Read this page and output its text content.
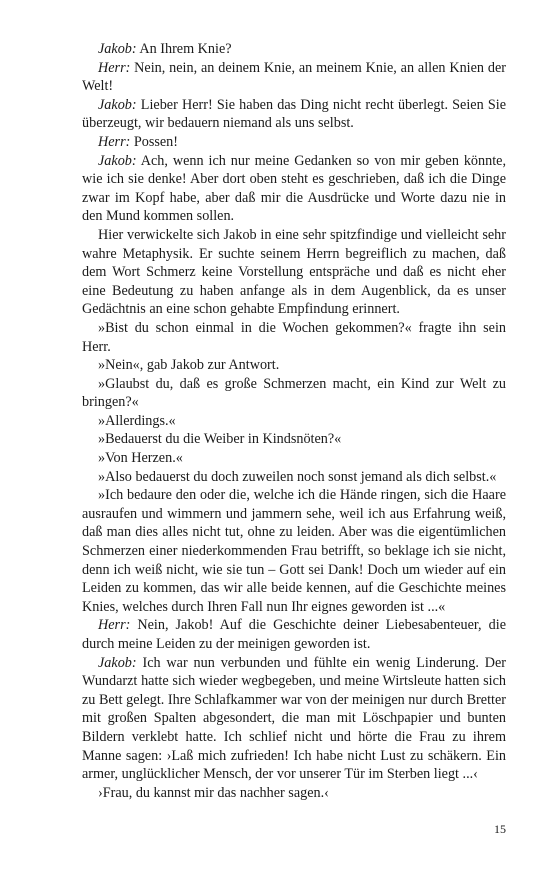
Jakob: An Ihrem Knie?

Herr: Nein, nein, an deinem Knie, an meinem Knie, an allen Knien der Welt!

Jakob: Lieber Herr! Sie haben das Ding nicht recht überlegt. Seien Sie überzeugt, wir bedauern niemand als uns selbst.

Herr: Possen!

Jakob: Ach, wenn ich nur meine Gedanken so von mir geben könnte, wie ich sie denke! Aber dort oben steht es geschrieben, daß ich die Dinge zwar im Kopf habe, aber daß mir die Ausdrücke und Worte dazu nie in den Mund kommen sollen.

Hier verwickelte sich Jakob in eine sehr spitzfindige und vielleicht sehr wahre Metaphysik. Er suchte seinem Herrn begreiflich zu machen, daß dem Wort Schmerz keine Vorstellung entspräche und daß es nicht eher eine Bedeutung zu haben anfange als in dem Augenblick, da es unser Gedächtnis an eine schon gehabte Empfindung erinnert.

»Bist du schon einmal in die Wochen gekommen?« fragte ihn sein Herr.

»Nein«, gab Jakob zur Antwort.

»Glaubst du, daß es große Schmerzen macht, ein Kind zur Welt zu bringen?«

»Allerdings.«

»Bedauerst du die Weiber in Kindsnöten?«

»Von Herzen.«

»Also bedauerst du doch zuweilen noch sonst jemand als dich selbst.«

»Ich bedaure den oder die, welche ich die Hände ringen, sich die Haare ausraufen und wimmern und jammern sehe, weil ich aus Erfahrung weiß, daß man dies alles nicht tut, ohne zu leiden. Aber was die eigentümlichen Schmerzen einer niederkommenden Frau betrifft, so beklage ich sie nicht, denn ich weiß nicht, wie sie tun – Gott sei Dank! Doch um wieder auf ein Leiden zu kommen, das wir alle beide kennen, auf die Geschichte meines Knies, welches durch Ihren Fall nun Ihr eignes geworden ist ...«

Herr: Nein, Jakob! Auf die Geschichte deiner Liebesabenteuer, die durch meine Leiden zu der meinigen geworden ist.

Jakob: Ich war nun verbunden und fühlte ein wenig Linderung. Der Wundarzt hatte sich wieder wegbegeben, und meine Wirtsleute hatten sich zu Bett gelegt. Ihre Schlafkammer war von der meinigen nur durch Bretter mit großen Spalten abgesondert, die man mit Löschpapier und bunten Bildern verklebt hatte. Ich schlief nicht und hörte die Frau zu ihrem Manne sagen: ›Laß mich zufrieden! Ich habe nicht Lust zu schäkern. Ein armer, unglücklicher Mensch, der vor unserer Tür im Sterben liegt ...‹

›Frau, du kannst mir das nachher sagen.‹

15
